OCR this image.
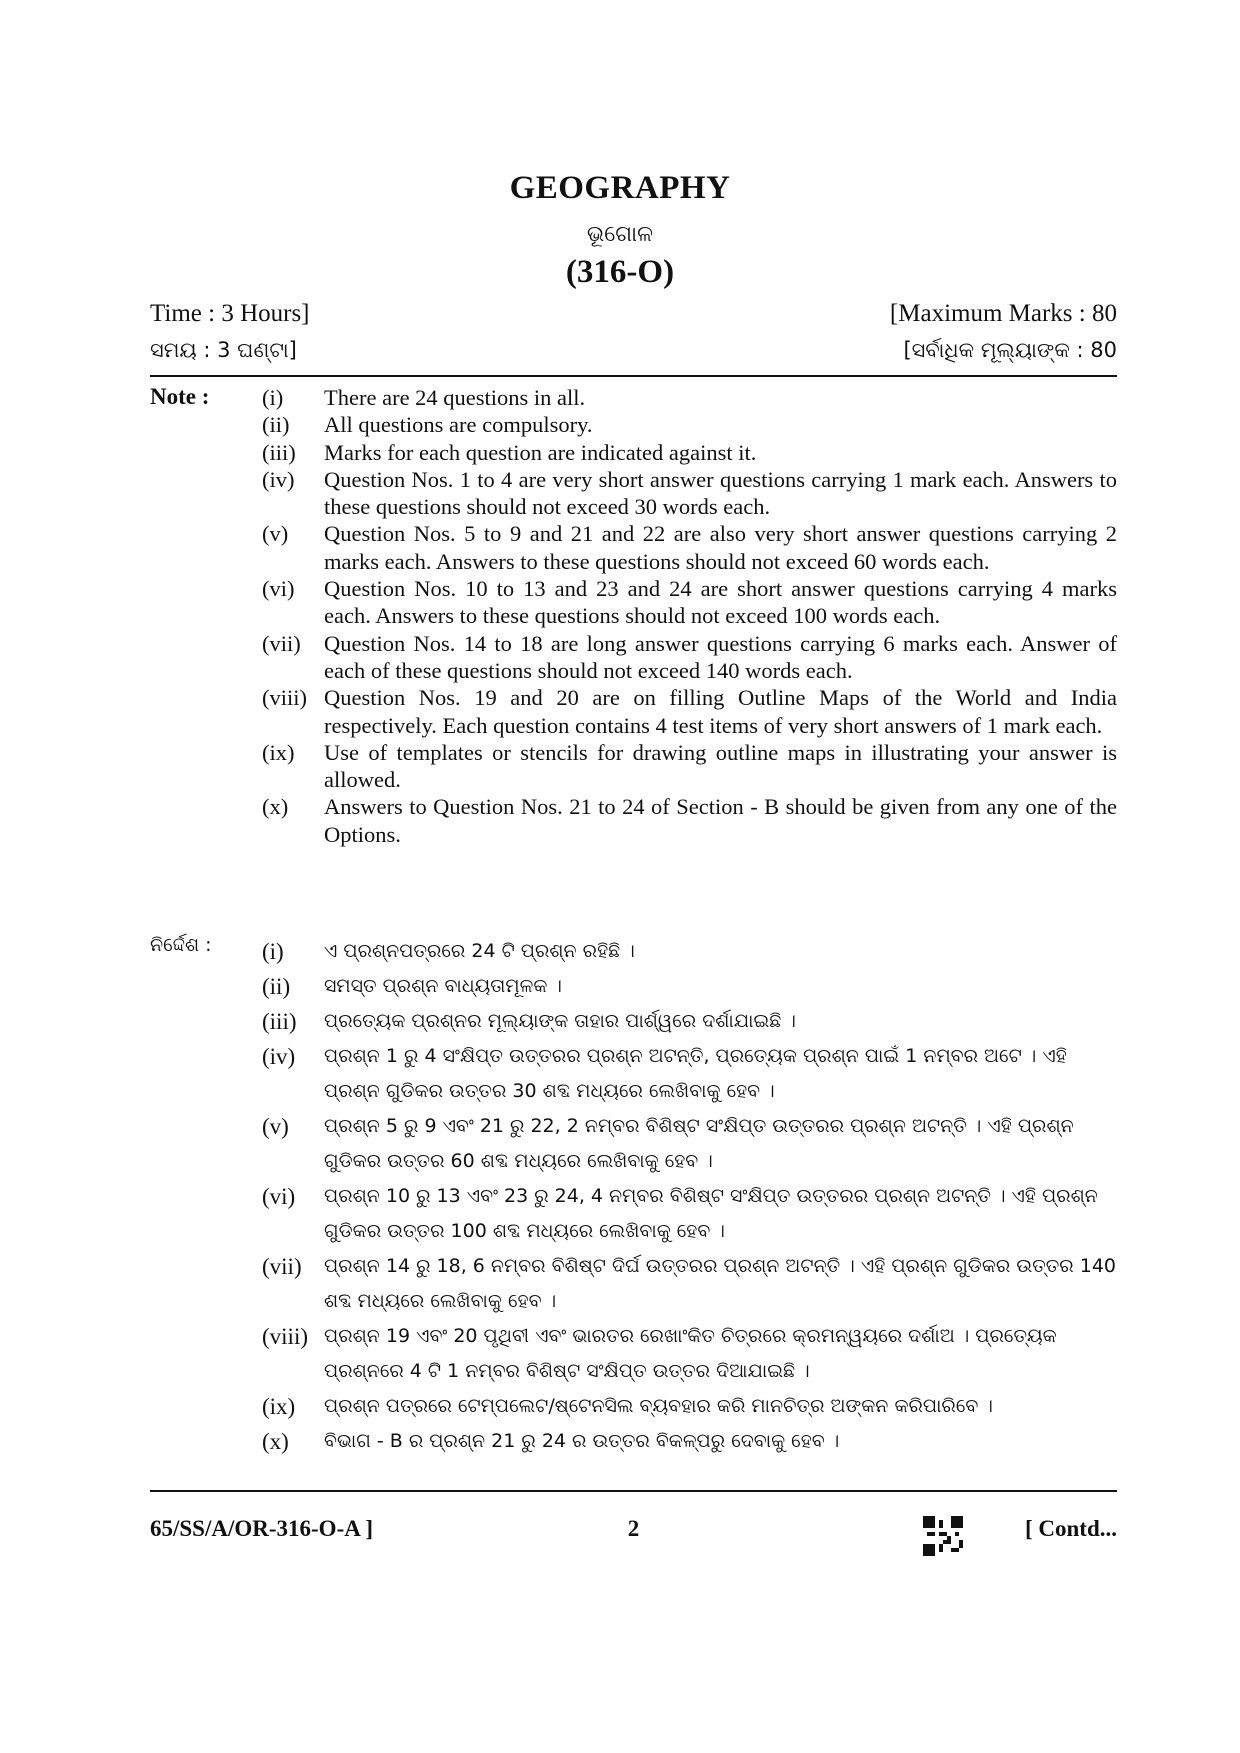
GEOGRAPHY
ଭୂଗୋଳ
(316-O)
Time : 3 Hours]	[Maximum Marks : 80
ସମୟ : 3 ଘଣ୍ଟା]	[ସର୍ବାଧିକ ମୂଲ୍ୟାଙ୍କ : 80
Note : (i)	There are 24 questions in all.
(ii)	All questions are compulsory.
(iii)	Marks for each question are indicated against it.
(iv)	Question Nos. 1 to 4 are very short answer questions carrying 1 mark each. Answers to these questions should not exceed 30 words each.
(v)	Question Nos. 5 to 9 and 21 and 22 are also very short answer questions carrying 2 marks each. Answers to these questions should not exceed 60 words each.
(vi)	Question Nos. 10 to 13 and 23 and 24 are short answer questions carrying 4 marks each. Answers to these questions should not exceed 100 words each.
(vii)	Question Nos. 14 to 18 are long answer questions carrying 6 marks each. Answer of each of these questions should not exceed 140 words each.
(viii) Question Nos. 19 and 20 are on filling Outline Maps of the World and India respectively. Each question contains 4 test items of very short answers of 1 mark each.
(ix)	Use of templates or stencils for drawing outline maps in illustrating your answer is allowed.
(x)	Answers to Question Nos. 21 to 24 of Section - B should be given from any one of the Options.
ନିର୍ଦ୍ଦେଶ : (i)	ଏ ପ୍ରଶ୍ନପତ୍ରରେ 24 ଟି ପ୍ରଶ୍ନ ରହିଛି ।
(ii)	ସମସ୍ତ ପ୍ରଶ୍ନ ବାଧ୍ୟତାମୂଳକ ।
(iii)	ପ୍ରତ୍ୟେକ ପ୍ରଶ୍ନର ମୂଲ୍ୟାଙ୍କ ତାହାର ପାର୍ଶ୍ୱରେ ଦର୍ଶାଯାଇଛି ।
(iv)	ପ୍ରଶ୍ନ 1 ରୁ 4 ସଂକ୍ଷିପ୍ତ ଉତ୍ତରର ପ୍ରଶ୍ନ ଅଟନ୍ତି, ପ୍ରତ୍ୟେକ ପ୍ରଶ୍ନ ପାଇଁ 1 ନମ୍ବର ଅଟେ । ଏହି ପ୍ରଶ୍ନ ଗୁଡିକର ଉତ୍ତର 30 ଶବ୍ଦ ମଧ୍ୟରେ ଲେଖିବାକୁ ହେବ ।
(v)	ପ୍ରଶ୍ନ 5 ରୁ 9 ଏବଂ 21 ରୁ 22, 2 ନମ୍ବର ବିଶିଷ୍ଟ ସଂକ୍ଷିପ୍ତ ଉତ୍ତରର ପ୍ରଶ୍ନ ଅଟନ୍ତି । ଏହି ପ୍ରଶ୍ନ ଗୁଡିକର ଉତ୍ତର 60 ଶବ୍ଦ ମଧ୍ୟରେ ଲେଖିବାକୁ ହେବ ।
(vi)	ପ୍ରଶ୍ନ 10 ରୁ 13 ଏବଂ 23 ରୁ 24, 4 ନମ୍ବର ବିଶିଷ୍ଟ ସଂକ୍ଷିପ୍ତ ଉତ୍ତରର ପ୍ରଶ୍ନ ଅଟନ୍ତି । ଏହି ପ୍ରଶ୍ନ ଗୁଡିକର ଉତ୍ତର 100 ଶବ୍ଦ ମଧ୍ୟରେ ଲେଖିବାକୁ ହେବ ।
(vii)	ପ୍ରଶ୍ନ 14 ରୁ 18, 6 ନମ୍ବର ବିଶିଷ୍ଟ ଦିର୍ଘ ଉତ୍ତରର ପ୍ରଶ୍ନ ଅଟନ୍ତି । ଏହି ପ୍ରଶ୍ନ ଗୁଡିକର ଉତ୍ତର 140 ଶବ୍ଦ ମଧ୍ୟରେ ଲେଖିବାକୁ ହେବ ।
(viii) ପ୍ରଶ୍ନ 19 ଏବଂ 20 ପୃଥିବୀ ଏବଂ ଭାରତର ରେଖାଂକିତ ଚିତ୍ରରେ କ୍ରମନ୍ୱୟରେ ଦର୍ଶାଅ । ପ୍ରତ୍ୟେକ ପ୍ରଶ୍ନରେ 4 ଟି 1 ନମ୍ବର ବିଶିଷ୍ଟ ସଂକ୍ଷିପ୍ତ ଉତ୍ତର ଦିଆଯାଇଛି ।
(ix)	ପ୍ରଶ୍ନ ପତ୍ରରେ ଟେମ୍ପଲେଟ/ଷ୍ଟେନସିଲ ବ୍ୟବହାର କରି ମାନଚିତ୍ର ଅଙ୍କନ କରିପାରିବେ ।
(x)	ବିଭାଗ - B ର ପ୍ରଶ୍ନ 21 ରୁ 24 ର ଉତ୍ତର ବିକଳ୍ପରୁ ଦେବାକୁ ହେବ ।
65/SS/A/OR-316-O-A ]	2	[ Contd...
